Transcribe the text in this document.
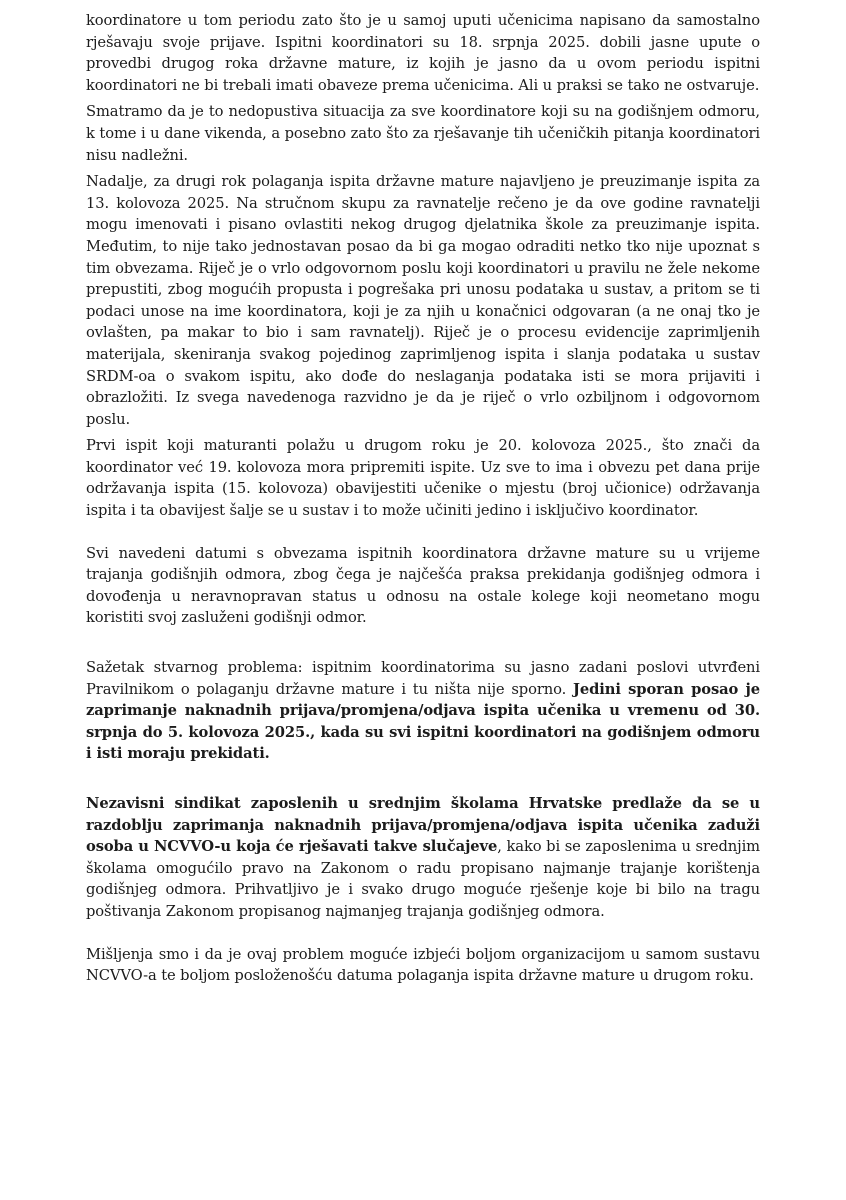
koordinatore u tom periodu zato što je u samoj uputi učenicima napisano da samostalno rješavaju svoje prijave. Ispitni koordinatori su 18. srpnja 2025. dobili jasne upute o provedbi drugog roka državne mature, iz kojih je jasno da u ovom periodu ispitni koordinatori ne bi trebali imati obaveze prema učenicima. Ali u praksi se tako ne ostvaruje.

Smatramo da je to nedopustiva situacija za sve koordinatore koji su na godišnjem odmoru, k tome i u dane vikenda, a posebno zato što za rješavanje tih učeničkih pitanja koordinatori nisu nadležni.

Nadalje, za drugi rok polaganja ispita državne mature najavljeno je preuzimanje ispita za 13. kolovoza 2025. Na stručnom skupu za ravnatelje rečeno je da ove godine ravnatelji mogu imenovati i pisano ovlastiti nekog drugog djelatnika škole za preuzimanje ispita. Međutim, to nije tako jednostavan posao da bi ga mogao odraditi netko tko nije upoznat s tim obvezama. Riječ je o vrlo odgovornom poslu koji koordinatori u pravilu ne žele nekome prepustiti, zbog mogućih propusta i pogrešaka pri unosu podataka u sustav, a pritom se ti podaci unose na ime koordinatora, koji je za njih u konačnici odgovaran (a ne onaj tko je ovlašten, pa makar to bio i sam ravnatelj). Riječ je o procesu evidencije zaprimljenih materijala, skeniranja svakog pojedinog zaprimljenog ispita i slanja podataka u sustav SRDM-oa o svakom ispitu, ako dođe do neslaganja podataka isti se mora prijaviti i obrazložiti. Iz svega navedenoga razvidno je da je riječ o vrlo ozbiljnom i odgovornom poslu.

Prvi ispit koji maturanti polažu u drugom roku je 20. kolovoza 2025., što znači da koordinator već 19. kolovoza mora pripremiti ispite. Uz sve to ima i obvezu pet dana prije održavanja ispita (15. kolovoza) obavijestiti učenike o mjestu (broj učionice) održavanja ispita i ta obavijest šalje se u sustav i to može učiniti jedino i isključivo koordinator.

Svi navedeni datumi s obvezama ispitnih koordinatora državne mature su u vrijeme trajanja godišnjih odmora, zbog čega je najčešća praksa prekidanja godišnjeg odmora i dovođenja u neravnopravan status u odnosu na ostale kolege koji neometano mogu koristiti svoj zasluženi godišnji odmor.

Sažetak stvarnog problema: ispitnim koordinatorima su jasno zadani poslovi utvrđeni Pravilnikom o polaganju državne mature i tu ništa nije sporno. Jedini sporan posao je zaprimanje naknadnih prijava/promjena/odjava ispita učenika u vremenu od 30. srpnja do 5. kolovoza 2025., kada su svi ispitni koordinatori na godišnjem odmoru i isti moraju prekidati.

Nezavisni sindikat zaposlenih u srednjim školama Hrvatske predlaže da se u razdoblju zaprimanja naknadnih prijava/promjena/odjava ispita učenika zaduži osoba u NCVVO-u koja će rješavati takve slučajeve, kako bi se zaposlenima u srednjim školama omogućilo pravo na Zakonom o radu propisano najmanje trajanje korištenja godišnjeg odmora. Prihvatljivo je i svako drugo moguće rješenje koje bi bilo na tragu poštivanja Zakonom propisanog najmanjeg trajanja godišnjeg odmora.

Mišljenja smo i da je ovaj problem moguće izbjeći boljom organizacijom u samom sustavu NCVVO-a te boljom posloženošću datuma polaganja ispita državne mature u drugom roku.
